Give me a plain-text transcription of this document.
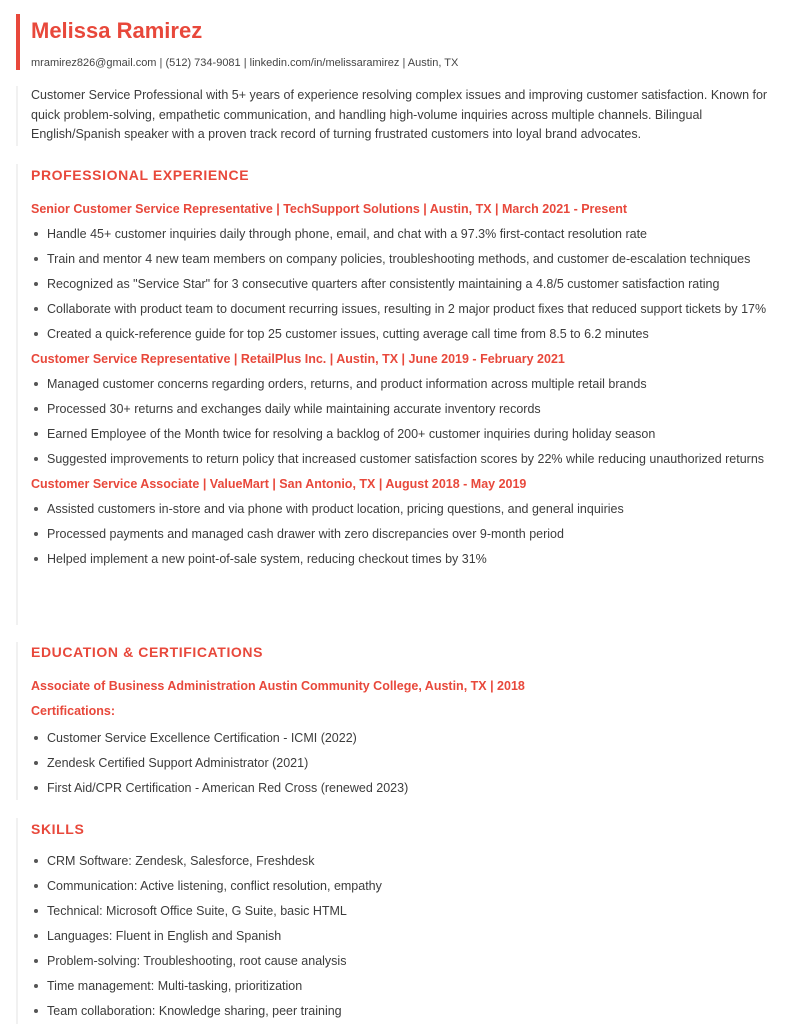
Melissa Ramirez
mramirez826@gmail.com | (512) 734-9081 | linkedin.com/in/melissaramirez | Austin, TX
Customer Service Professional with 5+ years of experience resolving complex issues and improving customer satisfaction. Known for quick problem-solving, empathetic communication, and handling high-volume inquiries across multiple channels. Bilingual English/Spanish speaker with a proven track record of turning frustrated customers into loyal brand advocates.
PROFESSIONAL EXPERIENCE
Senior Customer Service Representative | TechSupport Solutions | Austin, TX | March 2021 - Present
Handle 45+ customer inquiries daily through phone, email, and chat with a 97.3% first-contact resolution rate
Train and mentor 4 new team members on company policies, troubleshooting methods, and customer de-escalation techniques
Recognized as "Service Star" for 3 consecutive quarters after consistently maintaining a 4.8/5 customer satisfaction rating
Collaborate with product team to document recurring issues, resulting in 2 major product fixes that reduced support tickets by 17%
Created a quick-reference guide for top 25 customer issues, cutting average call time from 8.5 to 6.2 minutes
Customer Service Representative | RetailPlus Inc. | Austin, TX | June 2019 - February 2021
Managed customer concerns regarding orders, returns, and product information across multiple retail brands
Processed 30+ returns and exchanges daily while maintaining accurate inventory records
Earned Employee of the Month twice for resolving a backlog of 200+ customer inquiries during holiday season
Suggested improvements to return policy that increased customer satisfaction scores by 22% while reducing unauthorized returns
Customer Service Associate | ValueMart | San Antonio, TX | August 2018 - May 2019
Assisted customers in-store and via phone with product location, pricing questions, and general inquiries
Processed payments and managed cash drawer with zero discrepancies over 9-month period
Helped implement a new point-of-sale system, reducing checkout times by 31%
EDUCATION & CERTIFICATIONS
Associate of Business Administration Austin Community College, Austin, TX | 2018
Certifications:
Customer Service Excellence Certification - ICMI (2022)
Zendesk Certified Support Administrator (2021)
First Aid/CPR Certification - American Red Cross (renewed 2023)
SKILLS
CRM Software: Zendesk, Salesforce, Freshdesk
Communication: Active listening, conflict resolution, empathy
Technical: Microsoft Office Suite, G Suite, basic HTML
Languages: Fluent in English and Spanish
Problem-solving: Troubleshooting, root cause analysis
Time management: Multi-tasking, prioritization
Team collaboration: Knowledge sharing, peer training
